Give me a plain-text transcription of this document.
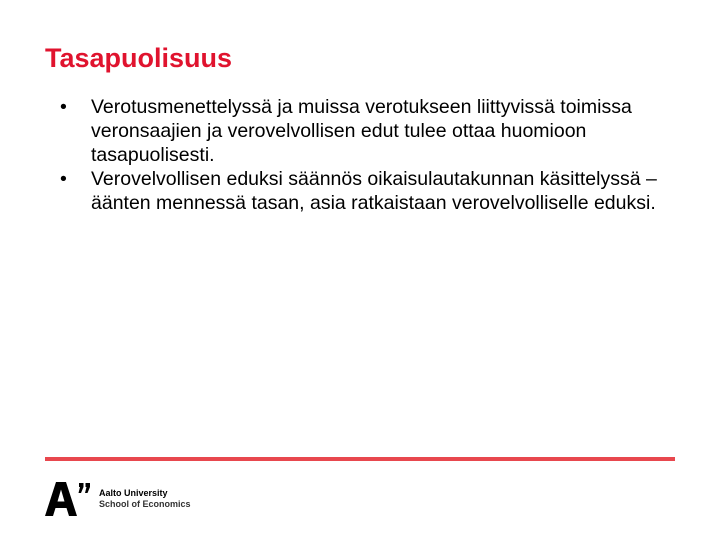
Tasapuolisuus
• Verotusmenettelyssä ja muissa verotukseen liittyvissä toimissa veronsaajien ja verovelvollisen edut tulee ottaa huomioon tasapuolisesti.
• Verovelvollisen eduksi säännös oikaisulautakunnan käsittelyssä – äänten mennessä tasan, asia ratkaistaan verovelvolliselle eduksi.
Aalto University
School of Economics
